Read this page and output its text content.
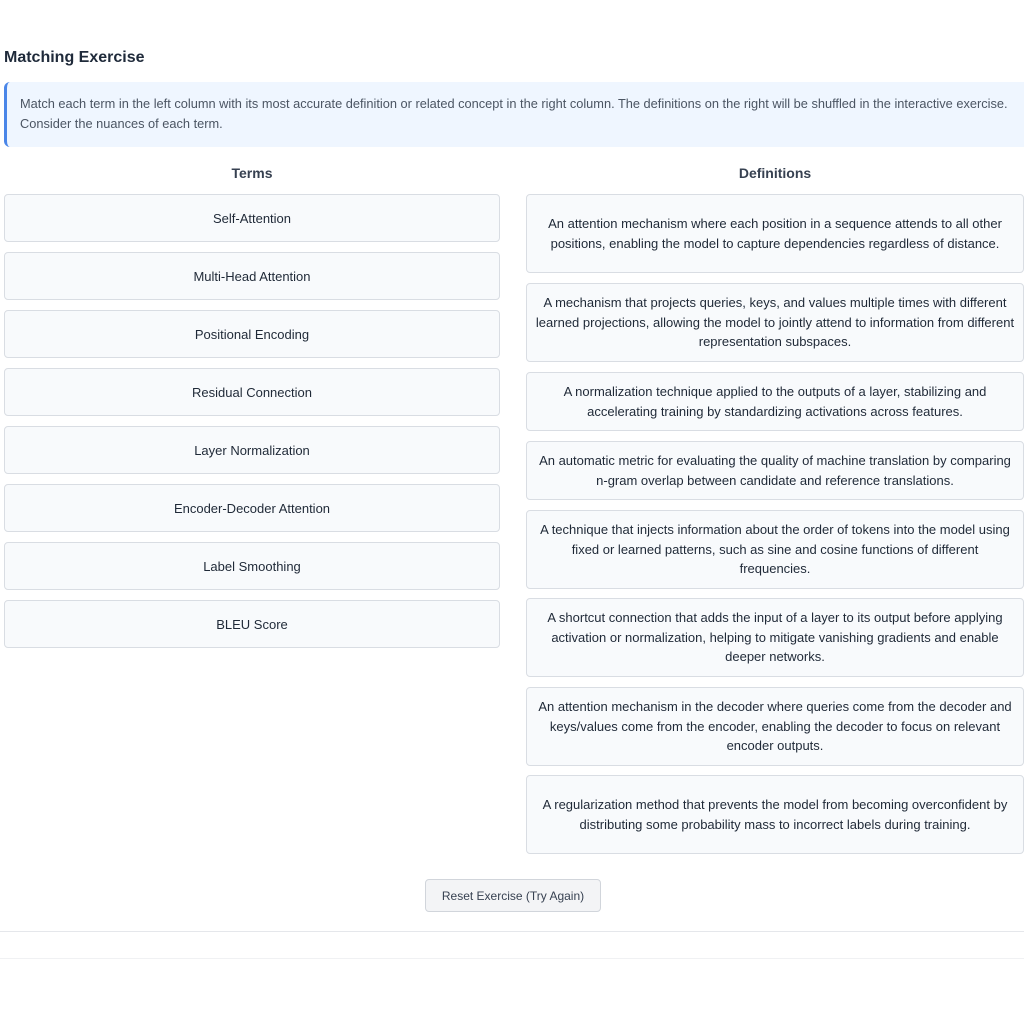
Matching Exercise
Match each term in the left column with its most accurate definition or related concept in the right column. The definitions on the right will be shuffled in the interactive exercise. Consider the nuances of each term.
Terms	Definitions
Self-Attention
Multi-Head Attention
Positional Encoding
Residual Connection
Layer Normalization
Encoder-Decoder Attention
Label Smoothing
BLEU Score
An attention mechanism where each position in a sequence attends to all other positions, enabling the model to capture dependencies regardless of distance.
A mechanism that projects queries, keys, and values multiple times with different learned projections, allowing the model to jointly attend to information from different representation subspaces.
A normalization technique applied to the outputs of a layer, stabilizing and accelerating training by standardizing activations across features.
An automatic metric for evaluating the quality of machine translation by comparing n-gram overlap between candidate and reference translations.
A technique that injects information about the order of tokens into the model using fixed or learned patterns, such as sine and cosine functions of different frequencies.
A shortcut connection that adds the input of a layer to its output before applying activation or normalization, helping to mitigate vanishing gradients and enable deeper networks.
An attention mechanism in the decoder where queries come from the decoder and keys/values come from the encoder, enabling the decoder to focus on relevant encoder outputs.
A regularization method that prevents the model from becoming overconfident by distributing some probability mass to incorrect labels during training.
Reset Exercise (Try Again)
